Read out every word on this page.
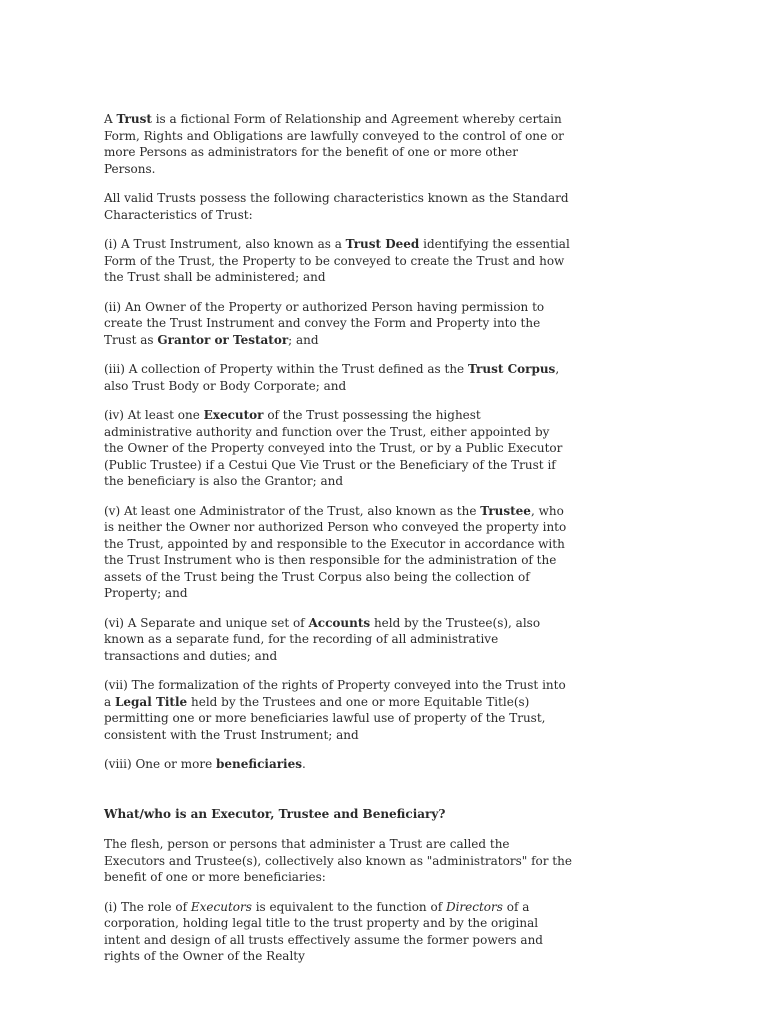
A Trust is a fictional Form of Relationship and Agreement whereby certain Form, Rights and Obligations are lawfully conveyed to the control of one or more Persons as administrators for the benefit of one or more other Persons.

All valid Trusts possess the following characteristics known as the Standard Characteristics of Trust:

(i) A Trust Instrument, also known as a Trust Deed identifying the essential Form of the Trust, the Property to be conveyed to create the Trust and how the Trust shall be administered; and

(ii) An Owner of the Property or authorized Person having permission to create the Trust Instrument and convey the Form and Property into the Trust as Grantor or Testator; and

(iii) A collection of Property within the Trust defined as the Trust Corpus, also Trust Body or Body Corporate; and

(iv) At least one Executor of the Trust possessing the highest administrative authority and function over the Trust, either appointed by the Owner of the Property conveyed into the Trust, or by a Public Executor (Public Trustee) if a Cestui Que Vie Trust or the Beneficiary of the Trust if the beneficiary is also the Grantor; and

(v) At least one Administrator of the Trust, also known as the Trustee, who is neither the Owner nor authorized Person who conveyed the property into the Trust, appointed by and responsible to the Executor in accordance with the Trust Instrument who is then responsible for the administration of the assets of the Trust being the Trust Corpus also being the collection of Property; and

(vi) A Separate and unique set of Accounts held by the Trustee(s), also known as a separate fund, for the recording of all administrative transactions and duties; and

(vii) The formalization of the rights of Property conveyed into the Trust into a Legal Title held by the Trustees and one or more Equitable Title(s) permitting one or more beneficiaries lawful use of property of the Trust, consistent with the Trust Instrument; and

(viii) One or more beneficiaries.

What/who is an Executor, Trustee and Beneficiary?

The flesh, person or persons that administer a Trust are called the Executors and Trustee(s), collectively also known as "administrators" for the benefit of one or more beneficiaries:

(i) The role of Executors is equivalent to the function of Directors of a corporation, holding legal title to the trust property and by the original intent and design of all trusts effectively assume the former powers and rights of the Owner of the Realty
